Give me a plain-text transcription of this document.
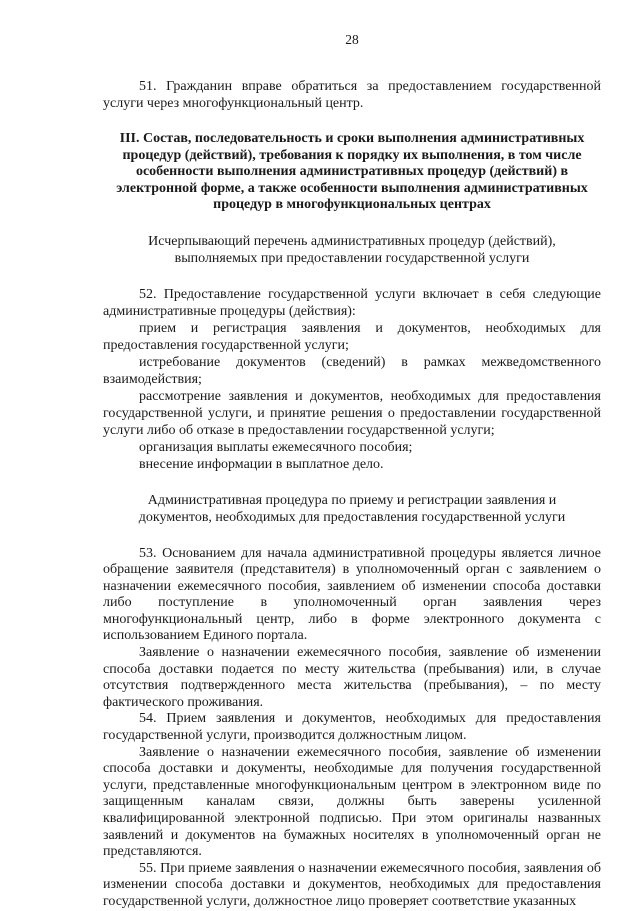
28

51. Гражданин вправе обратиться за предоставлением государственной услуги через многофункциональный центр.

III. Состав, последовательность и сроки выполнения административных процедур (действий), требования к порядку их выполнения, в том числе особенности выполнения административных процедур (действий) в электронной форме, а также особенности выполнения административных процедур в многофункциональных центрах

Исчерпывающий перечень административных процедур (действий), выполняемых при предоставлении государственной услуги

52. Предоставление государственной услуги включает в себя следующие административные процедуры (действия):

прием и регистрация заявления и документов, необходимых для предоставления государственной услуги;

истребование документов (сведений) в рамках межведомственного взаимодействия;

рассмотрение заявления и документов, необходимых для предоставления государственной услуги, и принятие решения о предоставлении государственной услуги либо об отказе в предоставлении государственной услуги;

организация выплаты ежемесячного пособия;

внесение информации в выплатное дело.

Административная процедура по приему и регистрации заявления и документов, необходимых для предоставления государственной услуги

53. Основанием для начала административной процедуры является личное обращение заявителя (представителя) в уполномоченный орган с заявлением о назначении ежемесячного пособия, заявлением об изменении способа доставки либо поступление в уполномоченный орган заявления через многофункциональный центр, либо в форме электронного документа с использованием Единого портала.

Заявление о назначении ежемесячного пособия, заявление об изменении способа доставки подается по месту жительства (пребывания) или, в случае отсутствия подтвержденного места жительства (пребывания), – по месту фактического проживания.

54. Прием заявления и документов, необходимых для предоставления государственной услуги, производится должностным лицом.

Заявление о назначении ежемесячного пособия, заявление об изменении способа доставки и документы, необходимые для получения государственной услуги, представленные многофункциональным центром в электронном виде по защищенным каналам связи, должны быть заверены усиленной квалифицированной электронной подписью. При этом оригиналы названных заявлений и документов на бумажных носителях в уполномоченный орган не представляются.

55. При приеме заявления о назначении ежемесячного пособия, заявления об изменении способа доставки и документов, необходимых для предоставления государственной услуги, должностное лицо проверяет соответствие указанных
